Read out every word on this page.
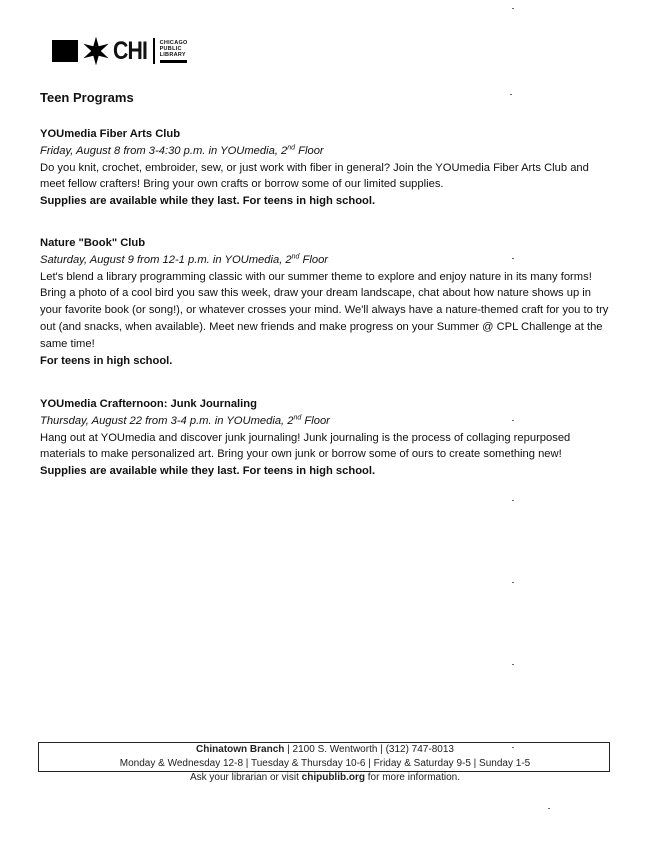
CHI CHICAGO
PUBLIC
LIBRARY
Teen Programs
YOUmedia Fiber Arts Club
Friday, August 8 from 3-4:30 p.m. in YOUmedia, 2nd Floor
Do you knit, crochet, embroider, sew, or just work with fiber in general? Join the YOUmedia Fiber Arts Club and meet fellow crafters! Bring your own crafts or borrow some of our limited supplies.
Supplies are available while they last. For teens in high school.
Nature "Book" Club
Saturday, August 9 from 12-1 p.m. in YOUmedia, 2nd Floor
Let's blend a library programming classic with our summer theme to explore and enjoy nature in its many forms! Bring a photo of a cool bird you saw this week, draw your dream landscape, chat about how nature shows up in your favorite book (or song!), or whatever crosses your mind. We'll always have a nature-themed craft for you to try out (and snacks, when available). Meet new friends and make progress on your Summer @ CPL Challenge at the same time!
For teens in high school.
YOUmedia Crafternoon: Junk Journaling
Thursday, August 22 from 3-4 p.m. in YOUmedia, 2nd Floor
Hang out at YOUmedia and discover junk journaling! Junk journaling is the process of collaging repurposed materials to make personalized art. Bring your own junk or borrow some of ours to create something new!
Supplies are available while they last. For teens in high school.
Chinatown Branch | 2100 S. Wentworth | (312) 747-8013
Monday & Wednesday 12-8 | Tuesday & Thursday 10-6 | Friday & Saturday 9-5 | Sunday 1-5
Ask your librarian or visit chipublib.org for more information.
